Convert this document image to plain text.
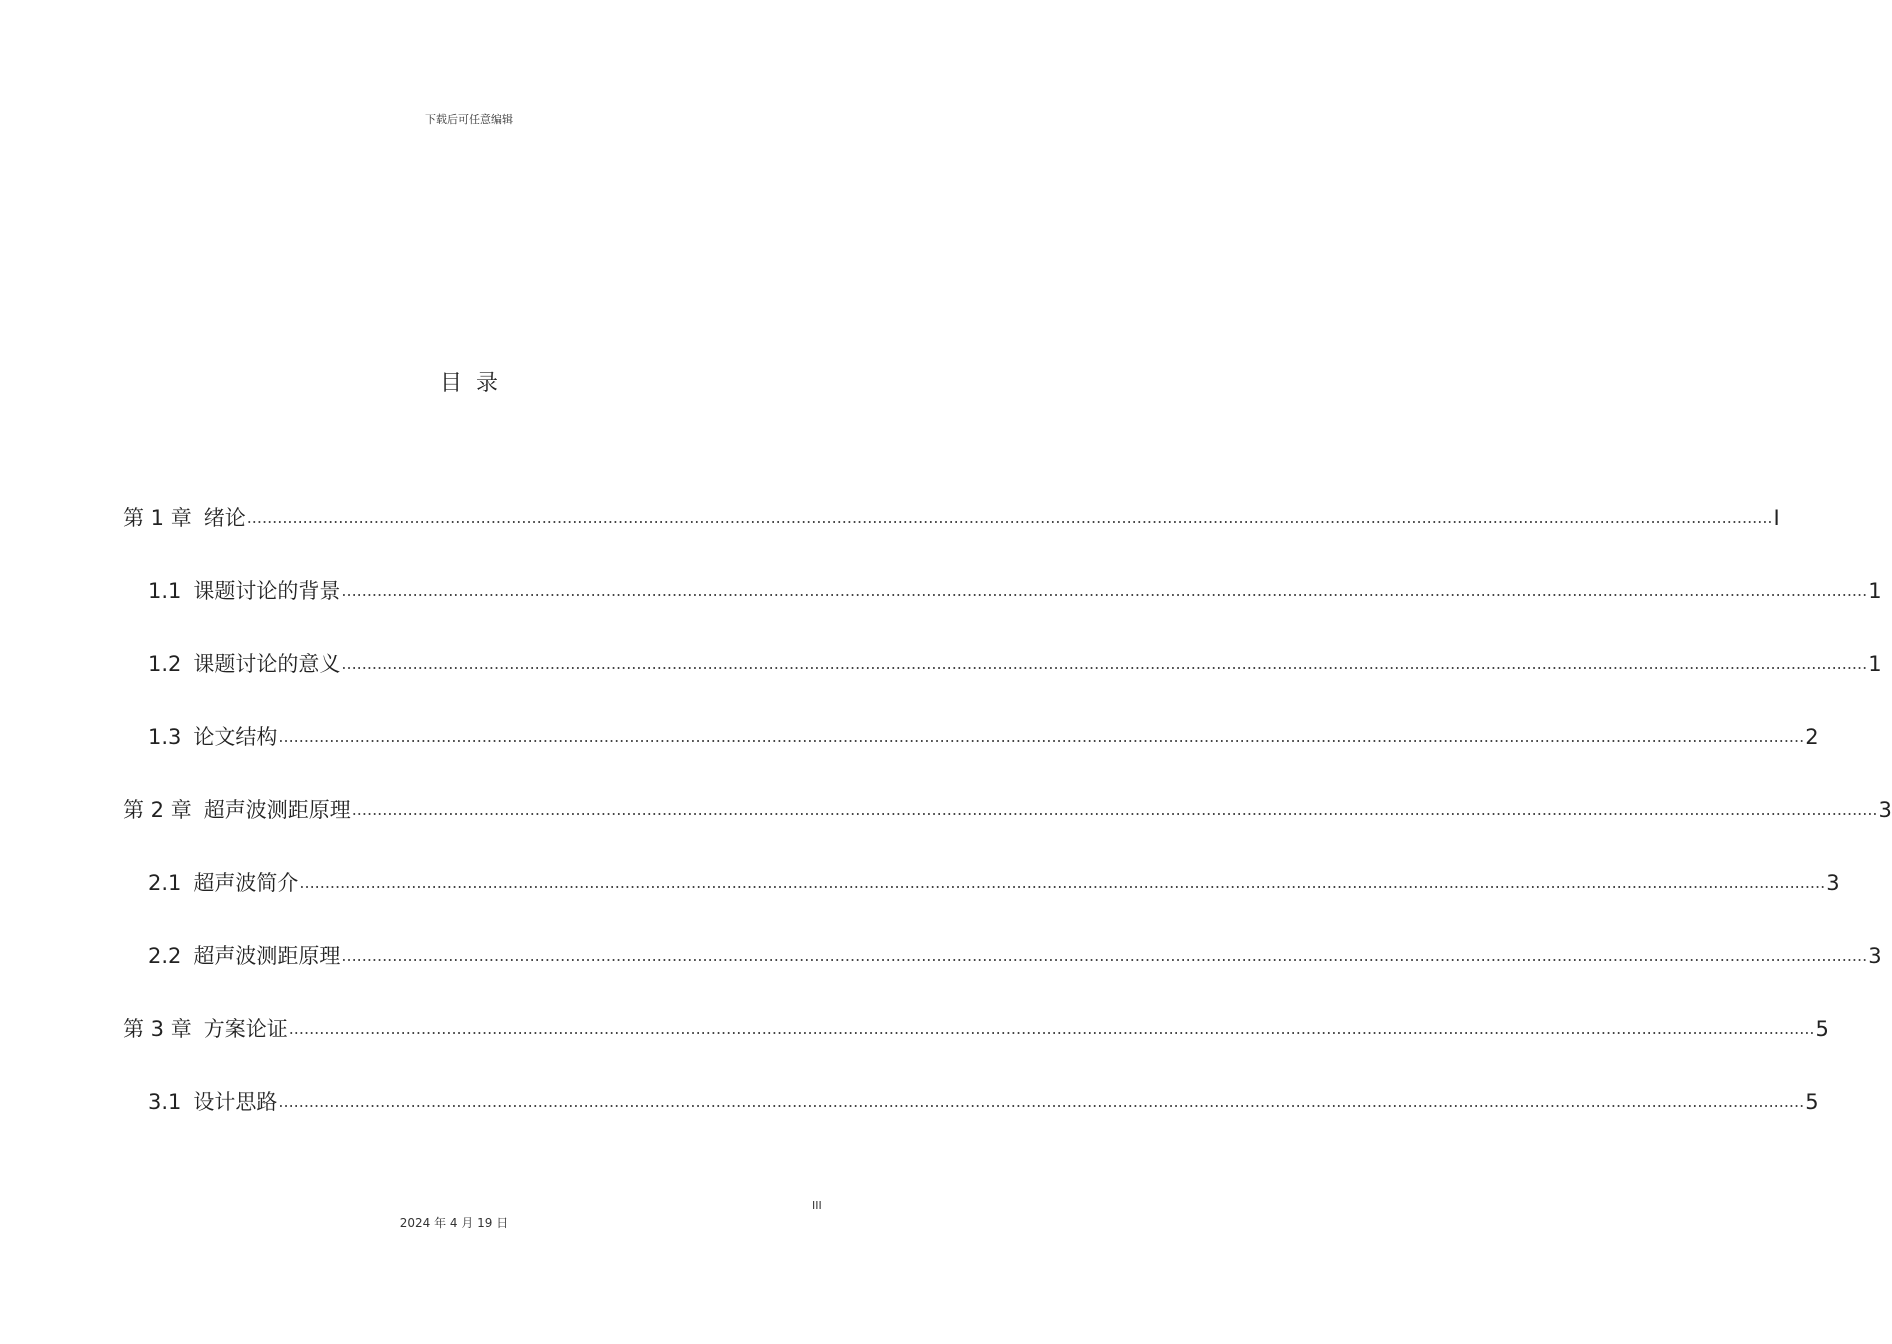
下载后可任意编辑
目录
第 1 章 绪论 ............................................................................................................................................................................................................................................................................................................ I
1.1 课题讨论的背景 ............................................................................................................................................................................................................................................................................................................ 1
1.2 课题讨论的意义 ............................................................................................................................................................................................................................................................................................................ 1
1.3 论文结构 ............................................................................................................................................................................................................................................................................................................ 2
第 2 章 超声波测距原理 ............................................................................................................................................................................................................................................................................................................ 3
2.1 超声波简介 ............................................................................................................................................................................................................................................................................................................ 3
2.2 超声波测距原理 ............................................................................................................................................................................................................................................................................................................ 3
第 3 章 方案论证 ............................................................................................................................................................................................................................................................................................................ 5
3.1 设计思路 ............................................................................................................................................................................................................................................................................................................ 5
III
2024 年 4 月 19 日
